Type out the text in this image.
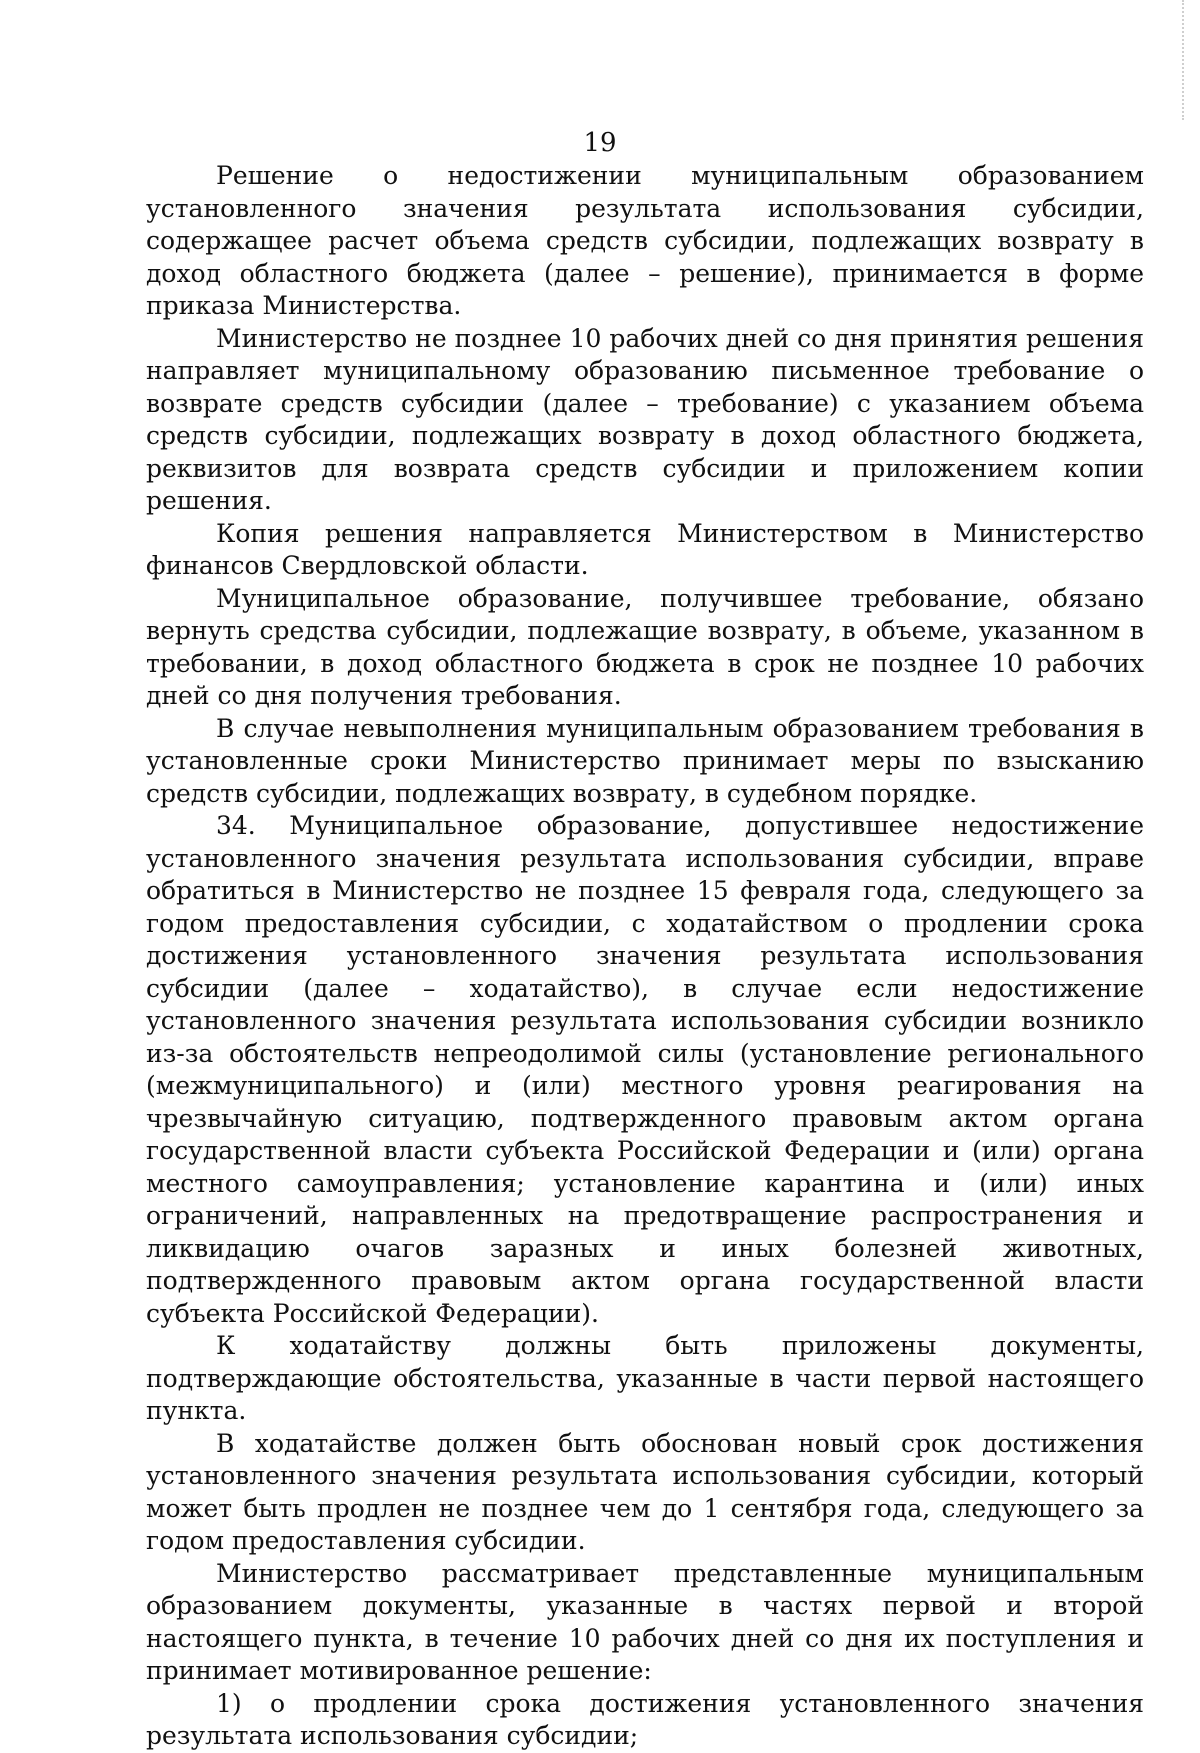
19

Решение о недостижении муниципальным образованием установленного значения результата использования субсидии, содержащее расчет объема средств субсидии, подлежащих возврату в доход областного бюджета (далее – решение), принимается в форме приказа Министерства.

Министерство не позднее 10 рабочих дней со дня принятия решения направляет муниципальному образованию письменное требование о возврате средств субсидии (далее – требование) с указанием объема средств субсидии, подлежащих возврату в доход областного бюджета, реквизитов для возврата средств субсидии и приложением копии решения.

Копия решения направляется Министерством в Министерство финансов Свердловской области.

Муниципальное образование, получившее требование, обязано вернуть средства субсидии, подлежащие возврату, в объеме, указанном в требовании, в доход областного бюджета в срок не позднее 10 рабочих дней со дня получения требования.

В случае невыполнения муниципальным образованием требования в установленные сроки Министерство принимает меры по взысканию средств субсидии, подлежащих возврату, в судебном порядке.

34. Муниципальное образование, допустившее недостижение установленного значения результата использования субсидии, вправе обратиться в Министерство не позднее 15 февраля года, следующего за годом предоставления субсидии, с ходатайством о продлении срока достижения установленного значения результата использования субсидии (далее – ходатайство), в случае если недостижение установленного значения результата использования субсидии возникло из-за обстоятельств непреодолимой силы (установление регионального (межмуниципального) и (или) местного уровня реагирования на чрезвычайную ситуацию, подтвержденного правовым актом органа государственной власти субъекта Российской Федерации и (или) органа местного самоуправления; установление карантина и (или) иных ограничений, направленных на предотвращение распространения и ликвидацию очагов заразных и иных болезней животных, подтвержденного правовым актом органа государственной власти субъекта Российской Федерации).

К ходатайству должны быть приложены документы, подтверждающие обстоятельства, указанные в части первой настоящего пункта.

В ходатайстве должен быть обоснован новый срок достижения установленного значения результата использования субсидии, который может быть продлен не позднее чем до 1 сентября года, следующего за годом предоставления субсидии.

Министерство рассматривает представленные муниципальным образованием документы, указанные в частях первой и второй настоящего пункта, в течение 10 рабочих дней со дня их поступления и принимает мотивированное решение:

1) о продлении срока достижения установленного значения результата использования субсидии;
